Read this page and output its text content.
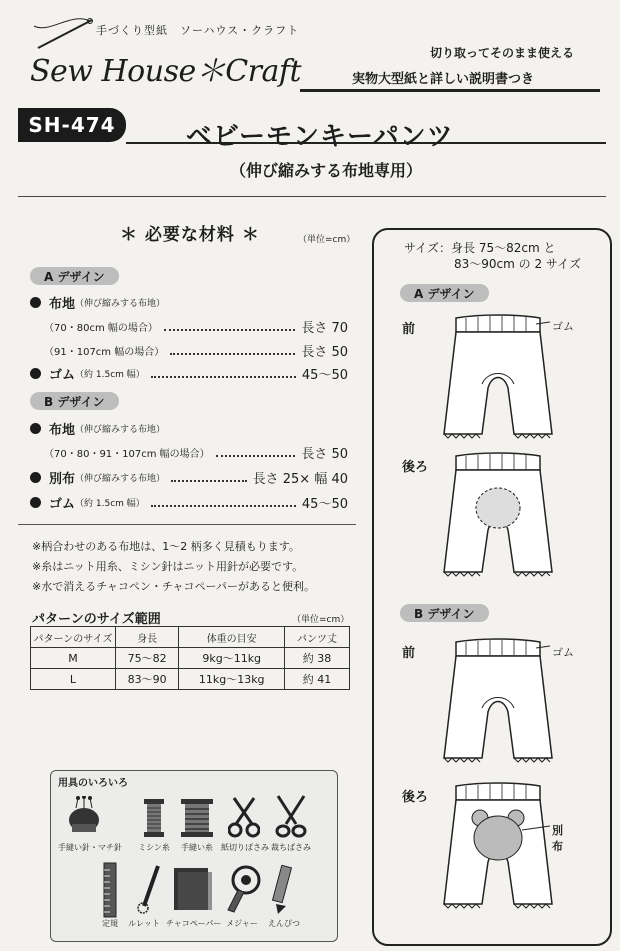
手づくり型紙　ソーハウス・クラフト
Sew House＊Craft
切り取ってそのまま使える
実物大型紙と詳しい説明書つき
SH-474	ベビーモンキーパンツ
（伸び縮みする布地専用）
＊ 必要な材料 ＊	（単位=cm）
A デザイン
布地 （伸び縮みする布地）
（70・80cm 幅の場合）	長さ 70
（91・107cm 幅の場合）	長さ 50
ゴム （約 1.5cm 幅）	45〜50
B デザイン
布地 （伸び縮みする布地）
（70・80・91・107cm 幅の場合）	長さ 50
別布 （伸び縮みする布地）	長さ 25× 幅 40
ゴム （約 1.5cm 幅）	45〜50
※柄合わせのある布地は、1〜2 柄多く見積もります。
※糸はニット用糸、ミシン針はニット用針が必要です。
※水で消えるチャコペン・チャコペーパーがあると便利。
パターンのサイズ範囲	（単位=cm）
パターンのサイズ	身長	体重の目安	パンツ丈
M	75〜82	9kg〜11kg	約 38
L	83〜90	11kg〜13kg	約 41
用具のいろいろ
手縫い針・マチ針	ミシン糸	手縫い糸	紙切りばさみ 裁ちばさみ
定規	ルレット チャコペーパー メジャー	えんぴつ
サイズ：身長 75〜82cm と
83〜90cm の 2 サイズ
A デザイン
前	ゴム
後ろ
B デザイン
前	ゴム
後ろ
別
布
